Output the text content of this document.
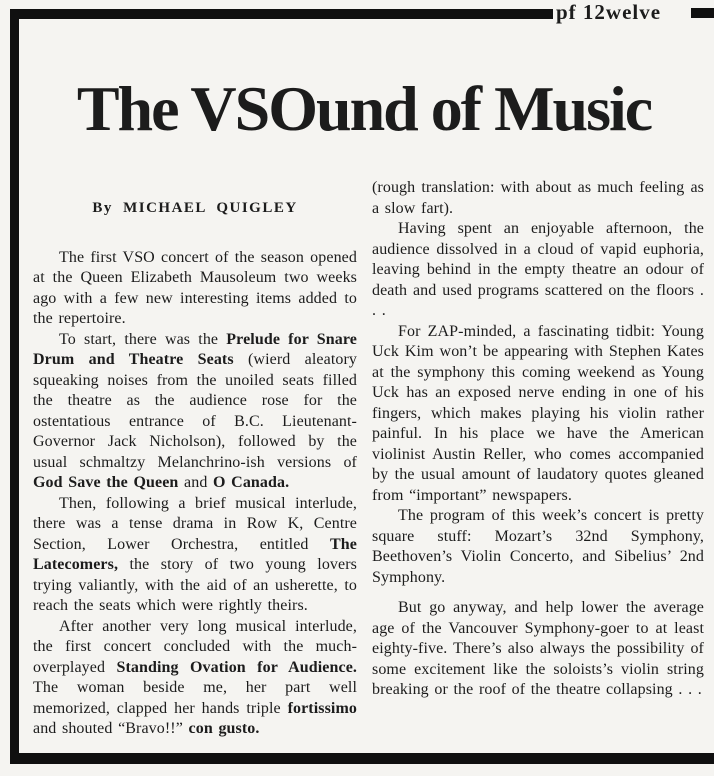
pf 12welve
The VSOund of Music
By MICHAEL QUIGLEY

The first VSO concert of the season opened at the Queen Elizabeth Mausoleum two weeks ago with a few new interesting items added to the repertoire.

To start, there was the Prelude for Snare Drum and Theatre Seats (wierd aleatory squeaking noises from the unoiled seats filled the theatre as the audience rose for the ostentatious entrance of B.C. Lieutenant-Governor Jack Nicholson), followed by the usual schmaltzy Melanchrino-ish versions of God Save the Queen and O Canada.

Then, following a brief musical interlude, there was a tense drama in Row K, Centre Section, Lower Orchestra, entitled The Latecomers, the story of two young lovers trying valiantly, with the aid of an usherette, to reach the seats which were rightly theirs.

After another very long musical interlude, the first concert concluded with the much-overplayed Standing Ovation for Audience. The woman beside me, her part well memorized, clapped her hands triple fortissimo and shouted “Bravo!!” con gusto.

(rough translation: with about as much feeling as a slow fart).

Having spent an enjoyable afternoon, the audience dissolved in a cloud of vapid euphoria, leaving behind in the empty theatre an odour of death and used programs scattered on the floors . . .

For ZAP-minded, a fascinating tidbit: Young Uck Kim won’t be appearing with Stephen Kates at the symphony this coming weekend as Young Uck has an exposed nerve ending in one of his fingers, which makes playing his violin rather painful. In his place we have the American violinist Austin Reller, who comes accompanied by the usual amount of laudatory quotes gleaned from “important” newspapers.

The program of this week’s concert is pretty square stuff: Mozart’s 32nd Symphony, Beethoven’s Violin Concerto, and Sibelius’ 2nd Symphony.

But go anyway, and help lower the average age of the Vancouver Symphony-goer to at least eighty-five. There’s also always the possibility of some excitement like the soloists’s violin string breaking or the roof of the theatre collapsing . . .
